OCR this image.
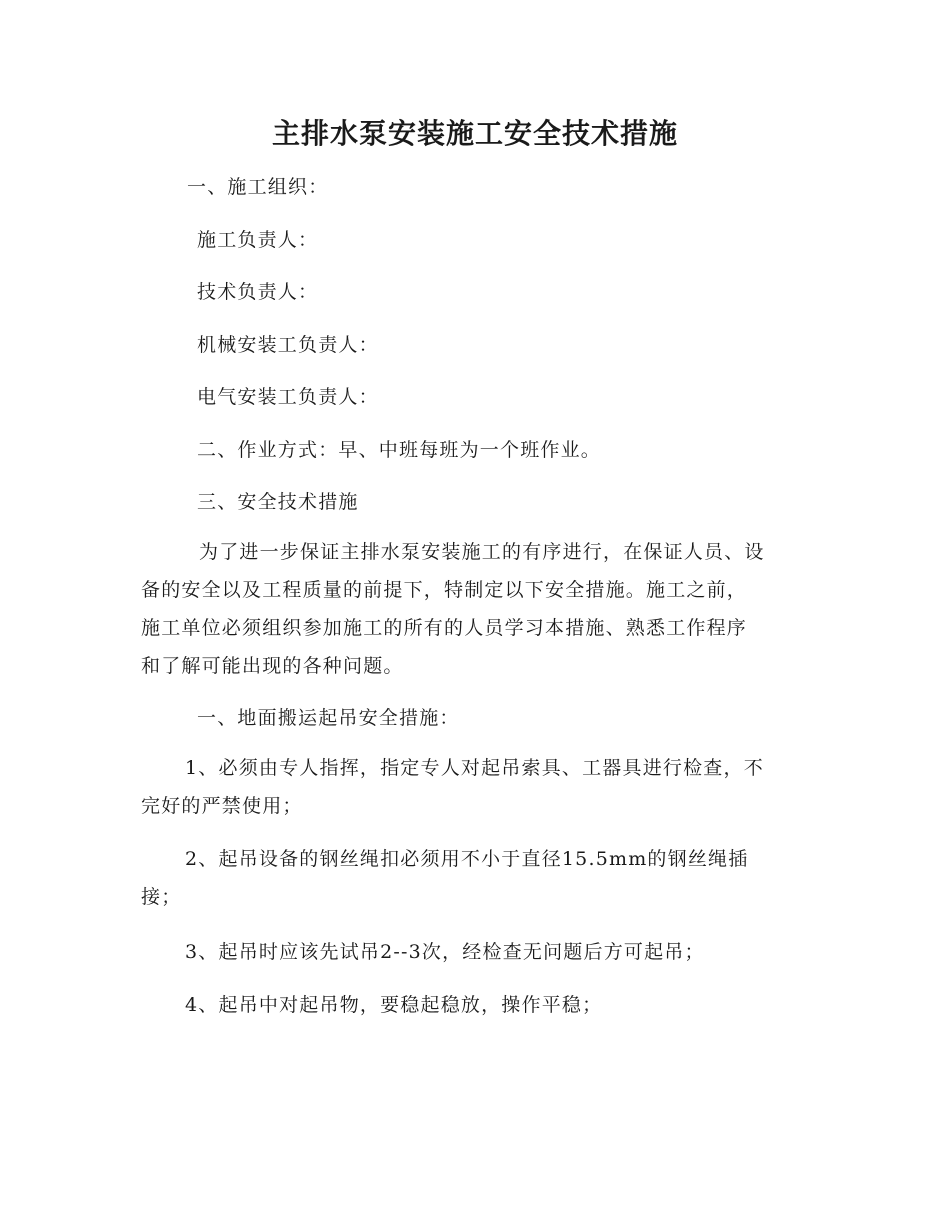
主排水泵安装施工安全技术措施
一、施工组织：
施工负责人：
技术负责人：
机械安装工负责人：
电气安装工负责人：
二、作业方式：早、中班每班为一个班作业。
三、安全技术措施
为了进一步保证主排水泵安装施工的有序进行，在保证人员、设
备的安全以及工程质量的前提下，特制定以下安全措施。施工之前，
施工单位必须组织参加施工的所有的人员学习本措施、熟悉工作程序
和了解可能出现的各种问题。
一、地面搬运起吊安全措施：
1、必须由专人指挥，指定专人对起吊索具、工器具进行检查，不
完好的严禁使用；
2、起吊设备的钢丝绳扣必须用不小于直径15.5mm的钢丝绳插
接；
3、起吊时应该先试吊2--3次，经检查无问题后方可起吊；
4、起吊中对起吊物，要稳起稳放，操作平稳；
